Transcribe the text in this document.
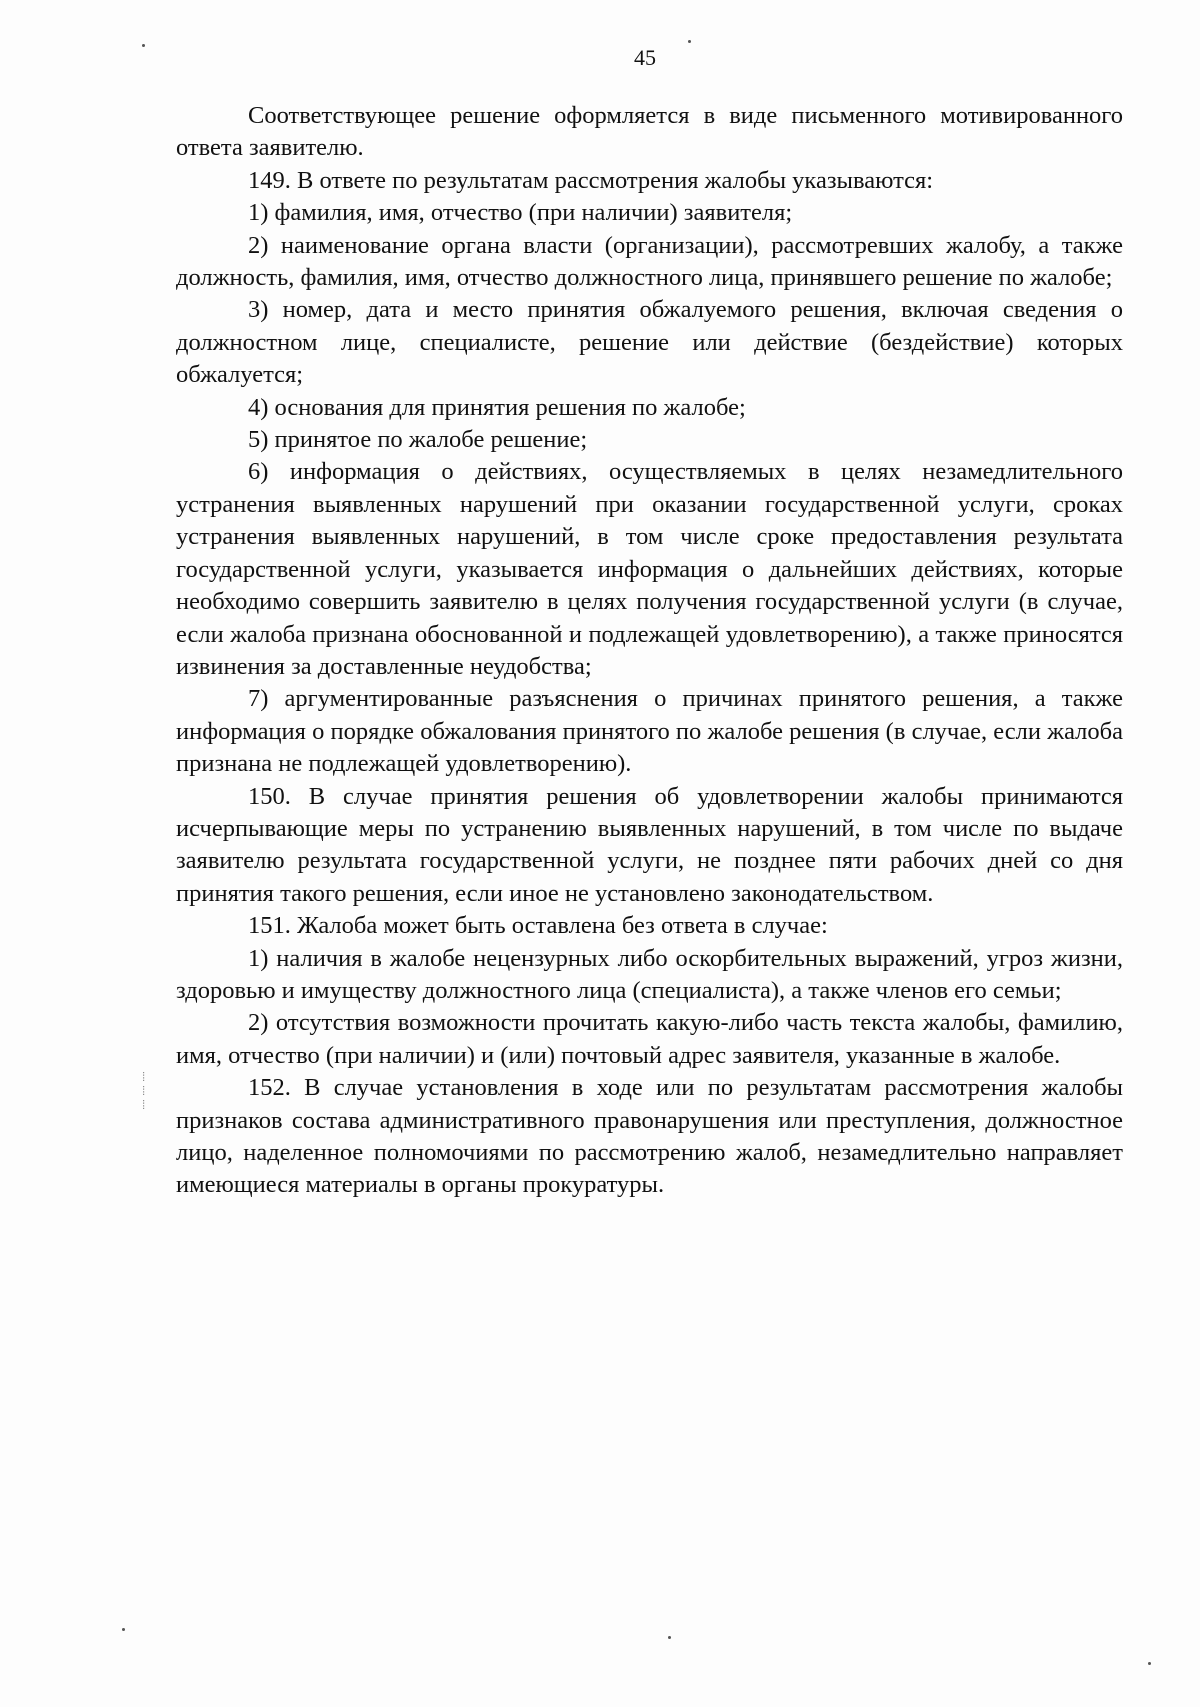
45

Соответствующее решение оформляется в виде письменного мотивированного ответа заявителю.

149. В ответе по результатам рассмотрения жалобы указываются:

1) фамилия, имя, отчество (при наличии) заявителя;

2) наименование органа власти (организации), рассмотревших жалобу, а также должность, фамилия, имя, отчество должностного лица, принявшего решение по жалобе;

3) номер, дата и место принятия обжалуемого решения, включая сведения о должностном лице, специалисте, решение или действие (бездействие) которых обжалуется;

4) основания для принятия решения по жалобе;

5) принятое по жалобе решение;

6) информация о действиях, осуществляемых в целях незамедлительного устранения выявленных нарушений при оказании государственной услуги, сроках устранения выявленных нарушений, в том числе сроке предоставления результата государственной услуги, указывается информация о дальнейших действиях, которые необходимо совершить заявителю в целях получения государственной услуги (в случае, если жалоба признана обоснованной и подлежащей удовлетворению), а также приносятся извинения за доставленные неудобства;

7) аргументированные разъяснения о причинах принятого решения, а также информация о порядке обжалования принятого по жалобе решения (в случае, если жалоба признана не подлежащей удовлетворению).

150. В случае принятия решения об удовлетворении жалобы принимаются исчерпывающие меры по устранению выявленных нарушений, в том числе по выдаче заявителю результата государственной услуги, не позднее пяти рабочих дней со дня принятия такого решения, если иное не установлено законодательством.

151. Жалоба может быть оставлена без ответа в случае:

1) наличия в жалобе нецензурных либо оскорбительных выражений, угроз жизни, здоровью и имуществу должностного лица (специалиста), а также членов его семьи;

2) отсутствия возможности прочитать какую-либо часть текста жалобы, фамилию, имя, отчество (при наличии) и (или) почтовый адрес заявителя, указанные в жалобе.

152. В случае установления в ходе или по результатам рассмотрения жалобы признаков состава административного правонарушения или преступления, должностное лицо, наделенное полномочиями по рассмотрению жалоб, незамедлительно направляет имеющиеся материалы в органы прокуратуры.

⁞
⁞
⁞
